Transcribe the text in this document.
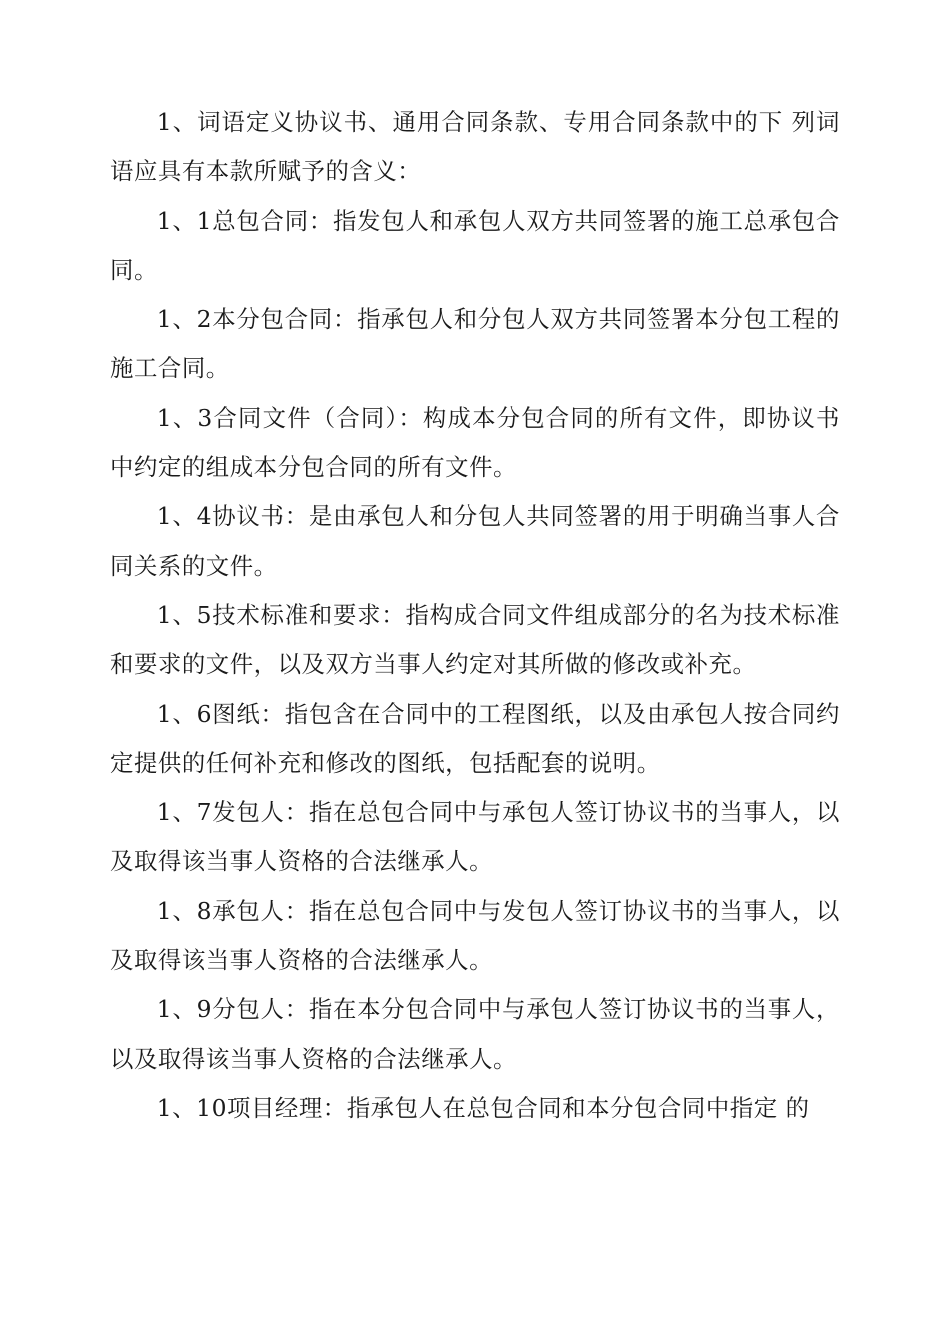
1、词语定义协议书、通用合同条款、专用合同条款中的下 列词语应具有本款所赋予的含义：

1、1总包合同：指发包人和承包人双方共同签署的施工总承包合同。

1、2本分包合同：指承包人和分包人双方共同签署本分包工程的施工合同。

1、3合同文件（合同）：构成本分包合同的所有文件，即协议书中约定的组成本分包合同的所有文件。

1、4协议书：是由承包人和分包人共同签署的用于明确当事人合同关系的文件。

1、5技术标准和要求：指构成合同文件组成部分的名为技术标准和要求的文件，以及双方当事人约定对其所做的修改或补充。

1、6图纸：指包含在合同中的工程图纸，以及由承包人按合同约定提供的任何补充和修改的图纸，包括配套的说明。

1、7发包人：指在总包合同中与承包人签订协议书的当事人，以及取得该当事人资格的合法继承人。

1、8承包人：指在总包合同中与发包人签订协议书的当事人，以及取得该当事人资格的合法继承人。

1、9分包人：指在本分包合同中与承包人签订协议书的当事人，以及取得该当事人资格的合法继承人。

1、10项目经理：指承包人在总包合同和本分包合同中指定 的
